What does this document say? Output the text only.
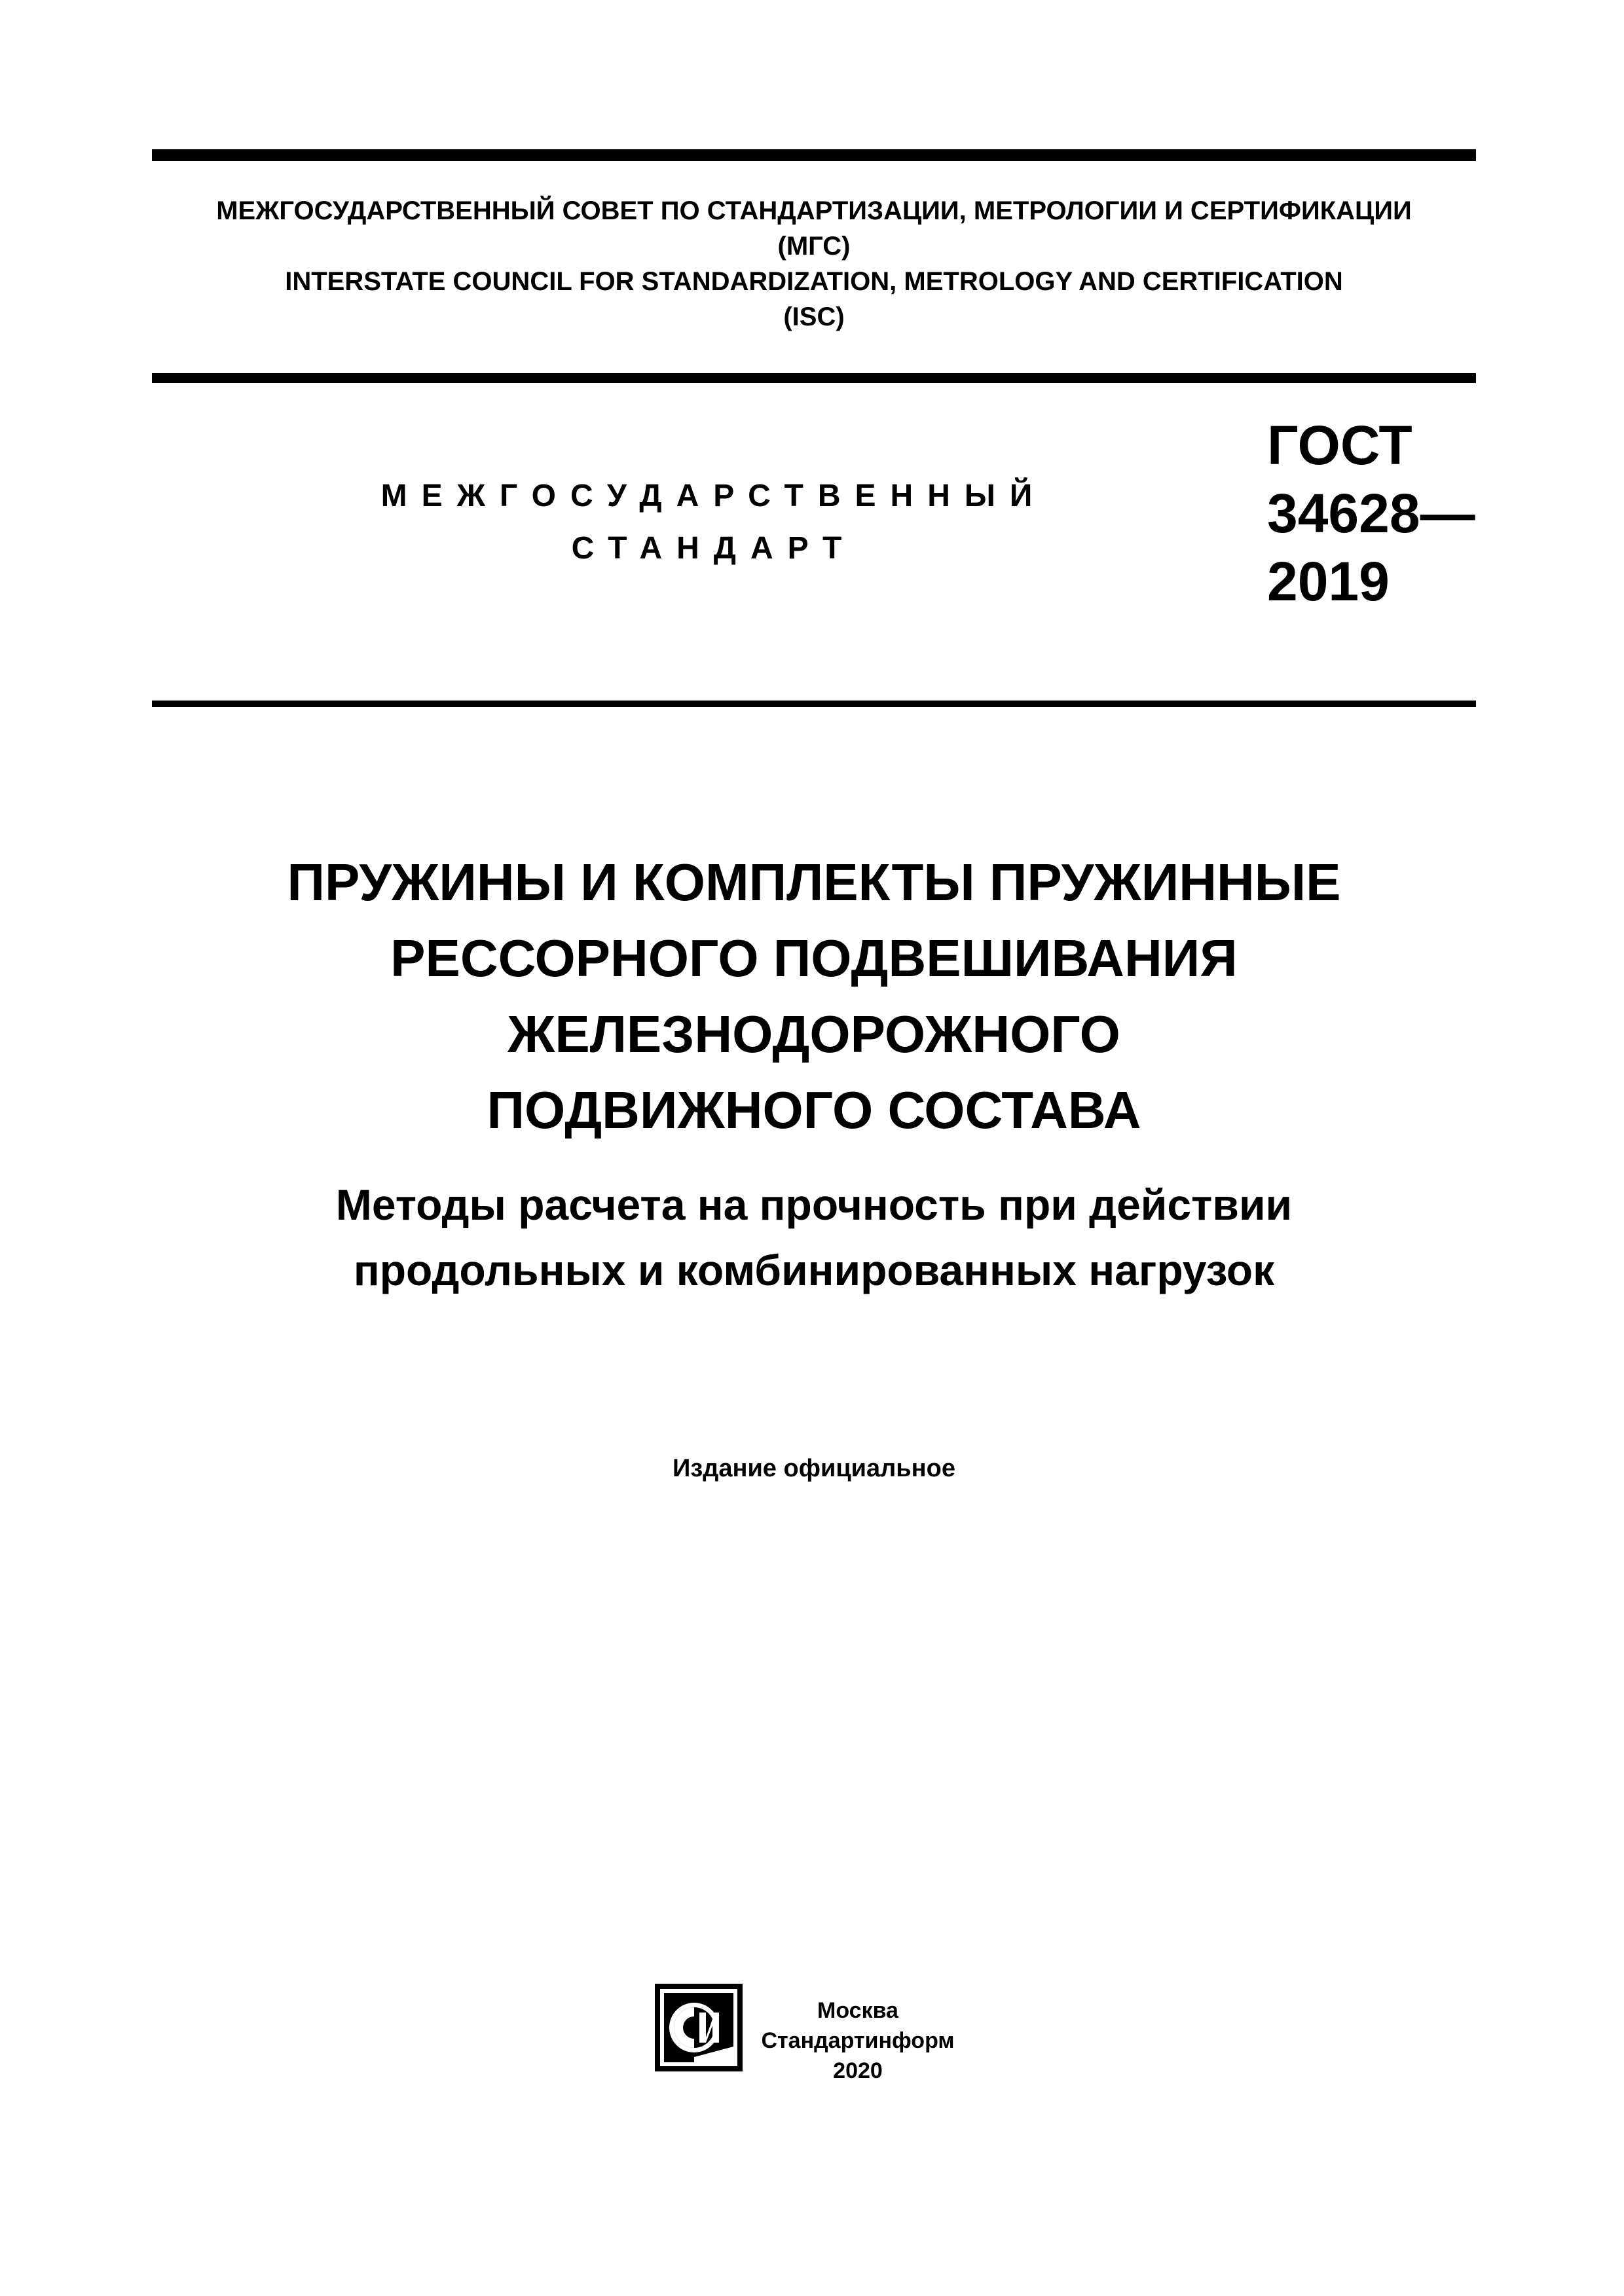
МЕЖГОСУДАРСТВЕННЫЙ СОВЕТ ПО СТАНДАРТИЗАЦИИ, МЕТРОЛОГИИ И СЕРТИФИКАЦИИ
(МГС)
INTERSTATE COUNCIL FOR STANDARDIZATION, METROLOGY AND CERTIFICATION
(ISC)
МЕЖГОСУДАРСТВЕННЫЙ
СТАНДАРТ
ГОСТ
34628—
2019
ПРУЖИНЫ И КОМПЛЕКТЫ ПРУЖИННЫЕ
РЕССОРНОГО ПОДВЕШИВАНИЯ
ЖЕЛЕЗНОДОРОЖНОГО
ПОДВИЖНОГО СОСТАВА
Методы расчета на прочность при действии
продольных и комбинированных нагрузок
Издание официальное
Москва
Стандартинформ
2020
